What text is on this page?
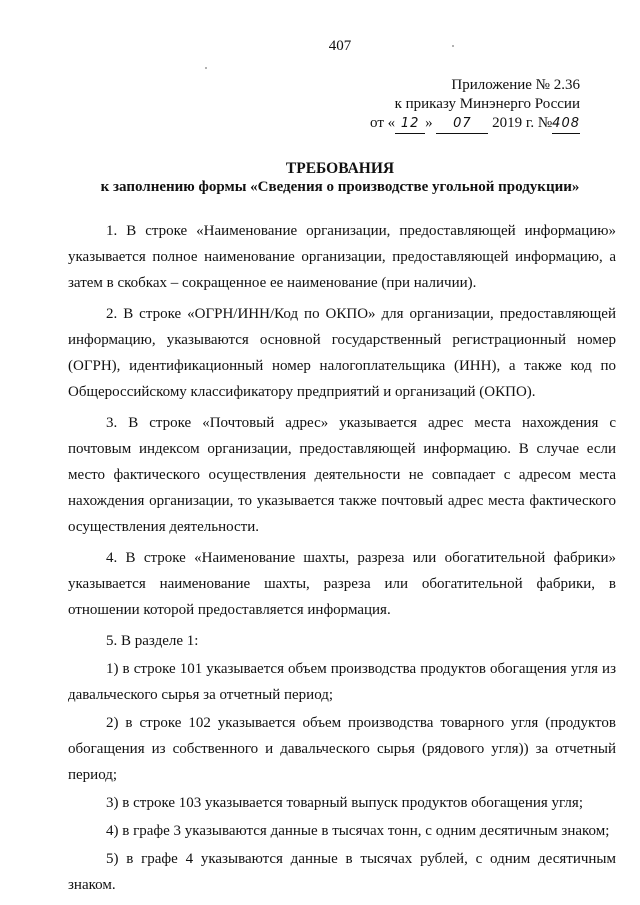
407
Приложение № 2.36
к приказу Минэнерго России
от « 12 » 07 2019 г. №408
ТРЕБОВАНИЯ
к заполнению формы «Сведения о производстве угольной продукции»

1. В строке «Наименование организации, предоставляющей информацию» указывается полное наименование организации, предоставляющей информацию, а затем в скобках – сокращенное ее наименование (при наличии).

2. В строке «ОГРН/ИНН/Код по ОКПО» для организации, предоставляющей информацию, указываются основной государственный регистрационный номер (ОГРН), идентификационный номер налогоплательщика (ИНН), а также код по Общероссийскому классификатору предприятий и организаций (ОКПО).

3. В строке «Почтовый адрес» указывается адрес места нахождения с почтовым индексом организации, предоставляющей информацию. В случае если место фактического осуществления деятельности не совпадает с адресом места нахождения организации, то указывается также почтовый адрес места фактического осуществления деятельности.

4. В строке «Наименование шахты, разреза или обогатительной фабрики» указывается наименование шахты, разреза или обогатительной фабрики, в отношении которой предоставляется информация.

5. В разделе 1:

1) в строке 101 указывается объем производства продуктов обогащения угля из давальческого сырья за отчетный период;

2) в строке 102 указывается объем производства товарного угля (продуктов обогащения из собственного и давальческого сырья (рядового угля)) за отчетный период;

3) в строке 103 указывается товарный выпуск продуктов обогащения угля;

4) в графе 3 указываются данные в тысячах тонн, с одним десятичным знаком;

5) в графе 4 указываются данные в тысячах рублей, с одним десятичным знаком.
